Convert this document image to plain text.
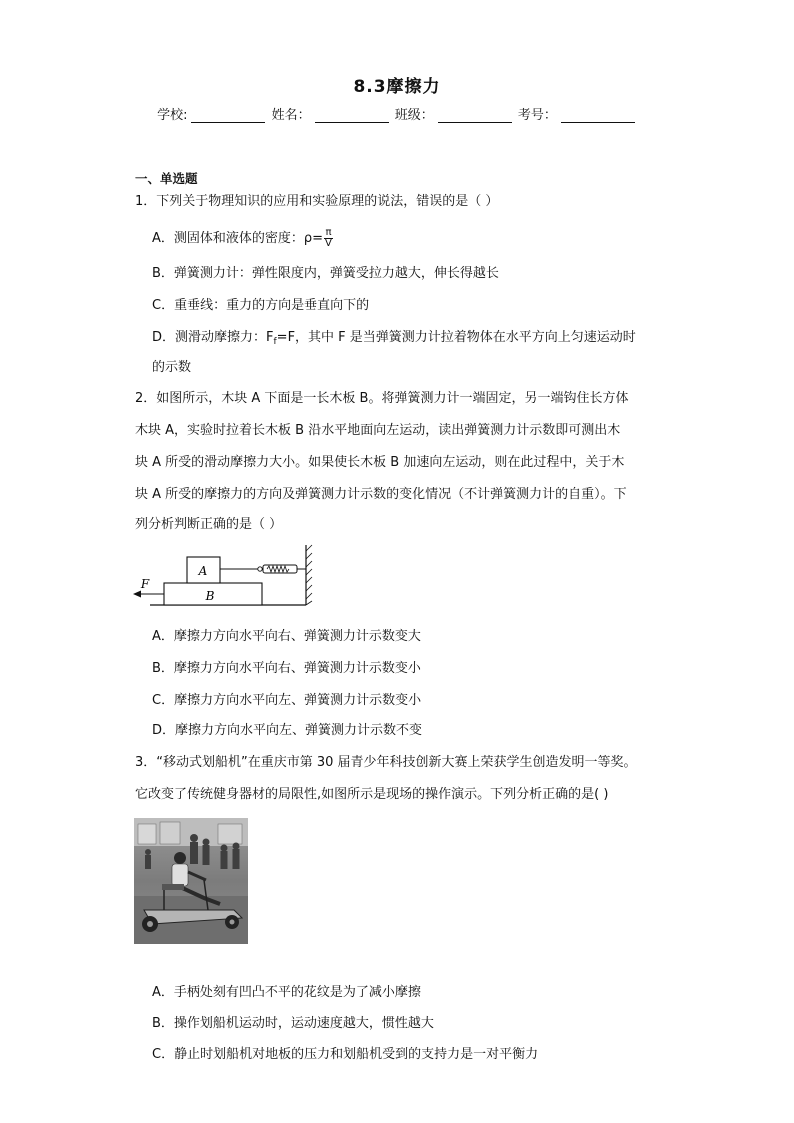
8.3摩擦力
学校:	姓名：	班级：	考号：
一、单选题
1．下列关于物理知识的应用和实验原理的说法，错误的是（ ）
A．测固体和液体的密度：$\rho= \frac{\pi}{V}$
B．弹簧测力计：弹性限度内，弹簧受拉力越大，伸长得越长
C．重垂线：重力的方向是垂直向下的
D．测滑动摩擦力：$F_f=F$，其中 F 是当弹簧测力计拉着物体在水平方向上匀速运动时
的示数
2．如图所示，木块 A 下面是一长木板 B。将弹簧测力计一端固定，另一端钩住长方体
木块 A，实验时拉着长木板 B 沿水平地面向左运动，读出弹簧测力计示数即可测出木
块 A 所受的滑动摩擦力大小。如果使长木板 B 加速向左运动，则在此过程中，关于木
块 A 所受的摩擦力的方向及弹簧测力计示数的变化情况（不计弹簧测力计的自重）。下
列分析判断正确的是（ ）
B
A
F
A．摩擦力方向水平向右、弹簧测力计示数变大
B．摩擦力方向水平向右、弹簧测力计示数变小
C．摩擦力方向水平向左、弹簧测力计示数变小
D．摩擦力方向水平向左、弹簧测力计示数不变
3．“移动式划船机”在重庆市第 30 届青少年科技创新大赛上荣获学生创造发明一等奖。
它改变了传统健身器材的局限性,如图所示是现场的操作演示。下列分析正确的是( )
A．手柄处刻有凹凸不平的花纹是为了减小摩擦
B．操作划船机运动时，运动速度越大，惯性越大
C．静止时划船机对地板的压力和划船机受到的支持力是一对平衡力
